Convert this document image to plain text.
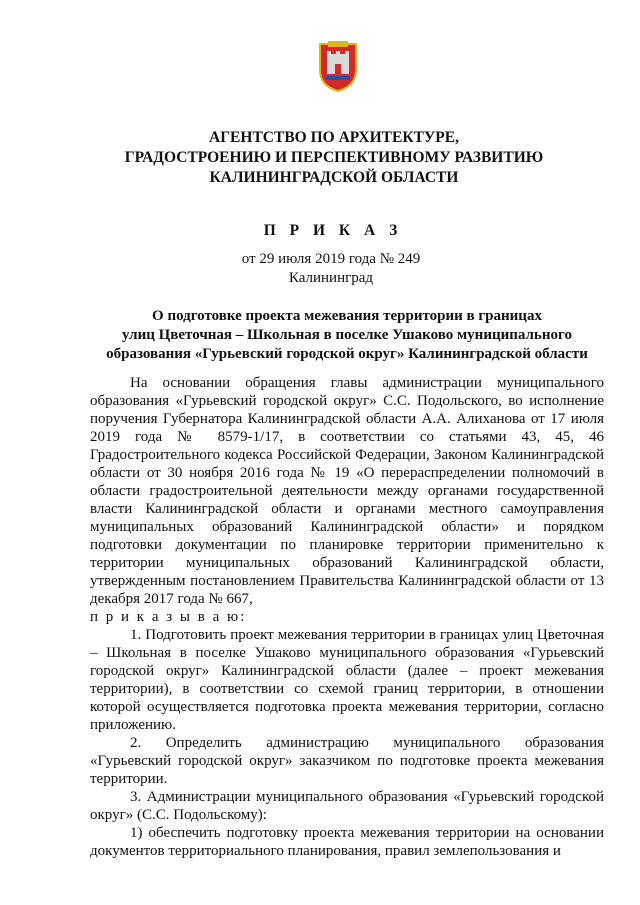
АГЕНТСТВО ПО АРХИТЕКТУРЕ,
ГРАДОСТРОЕНИЮ И ПЕРСПЕКТИВНОМУ РАЗВИТИЮ
КАЛИНИНГРАДСКОЙ ОБЛАСТИ
П Р И К А З
от 29 июля 2019 года № 249
Калининград
О подготовке проекта межевания территории в границах
улиц Цветочная – Школьная в поселке Ушаково муниципального
образования «Гурьевский городской округ» Калининградской области

На основании обращения главы администрации муниципального образования «Гурьевский городской округ» С.С. Подольского, во исполнение поручения Губернатора Калининградской области А.А. Алиханова от 17 июля 2019 года № 8579-1/17, в соответствии со статьями 43, 45, 46 Градостроительного кодекса Российской Федерации, Законом Калининградской области от 30 ноября 2016 года № 19 «О перераспределении полномочий в области градостроительной деятельности между органами государственной власти Калининградской области и органами местного самоуправления муниципальных образований Калининградской области» и порядком подготовки документации по планировке территории применительно к территории муниципальных образований Калининградской области, утвержденным постановлением Правительства Калининградской области от 13 декабря 2017 года № 667,

п р и к а з ы в а ю:

1. Подготовить проект межевания территории в границах улиц Цветочная – Школьная в поселке Ушаково муниципального образования «Гурьевский городской округ» Калининградской области (далее – проект межевания территории), в соответствии со схемой границ территории, в отношении которой осуществляется подготовка проекта межевания территории, согласно приложению.

2. Определить администрацию муниципального образования «Гурьевский городской округ» заказчиком по подготовке проекта межевания территории.

3. Администрации муниципального образования «Гурьевский городской округ» (С.С. Подольскому):

1) обеспечить подготовку проекта межевания территории на основании документов территориального планирования, правил землепользования и
